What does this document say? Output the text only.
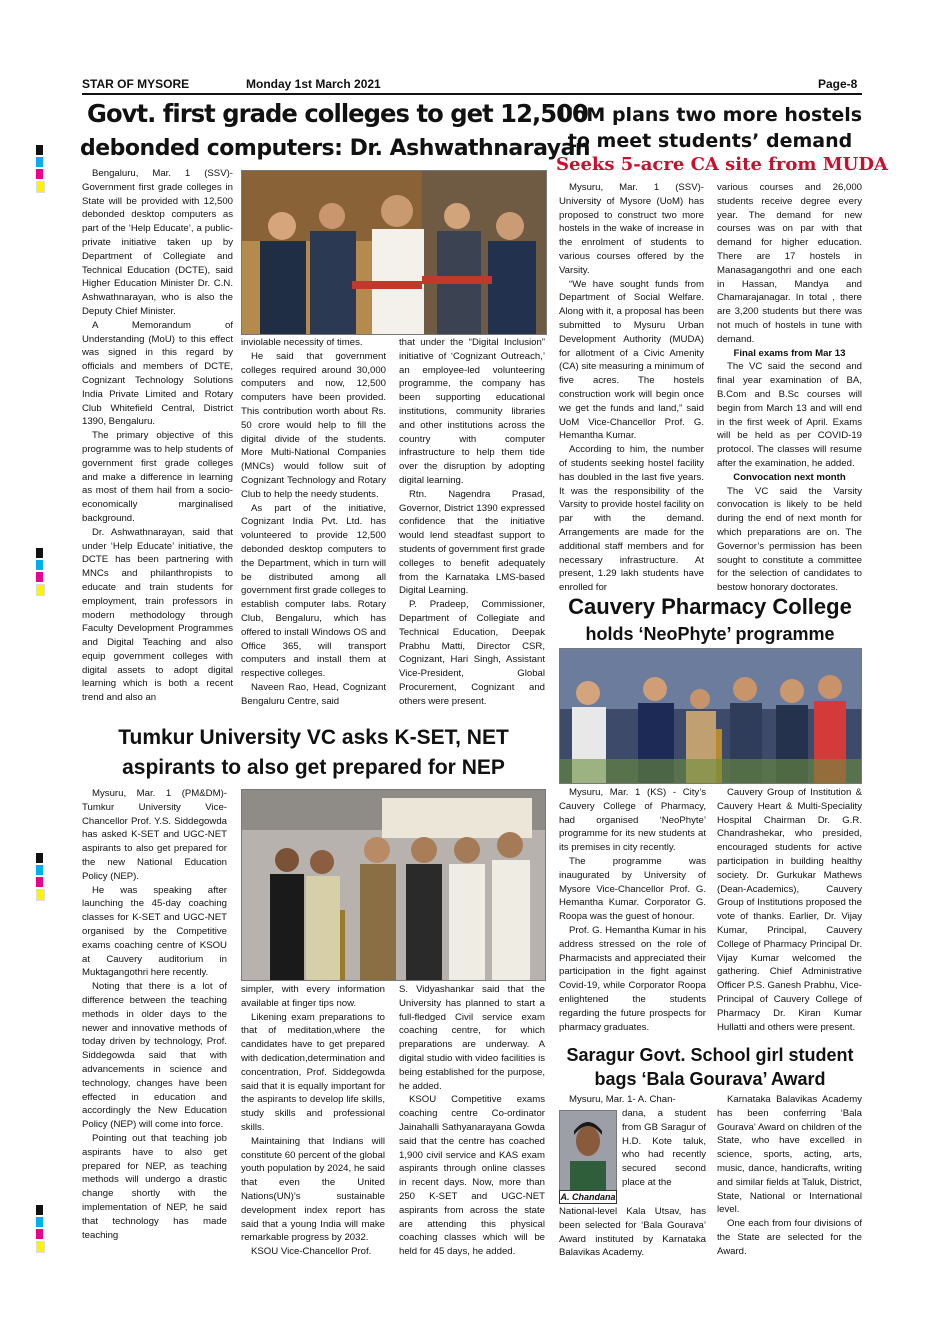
STAR OF MYSORE	Monday 1st March 2021	Page-8
Govt. first grade colleges to get 12,500
debonded computers: Dr. Ashwathnarayan

Bengaluru, Mar. 1 (SSV)- Government first grade colleges in State will be provided with 12,500 debonded desktop computers as part of the ‘Help Educate’, a public-private initiative taken up by Department of Collegiate and Technical Education (DCTE), said Higher Education Minister Dr. C.N. Ashwathnarayan, who is also the Deputy Chief Minister.

A Memorandum of Understanding (MoU) to this effect was signed in this regard by officials and members of DCTE, Cognizant Technology Solutions India Private Limited and Rotary Club Whitefield Central, District 1390, Bengaluru.

The primary objective of this programme was to help students of government first grade colleges and make a difference in learning as most of them hail from a socio-economically marginalised background.

Dr. Ashwathnarayan, said that under ‘Help Educate’ initiative, the DCTE has been partnering with MNCs and philanthropists to educate and train students for employment, train professors in modern methodology through Faculty Development Programmes and Digital Teaching and also equip government colleges with digital assets to adopt digital learning which is both a recent trend and also an

inviolable necessity of times.

He said that government colleges required around 30,000 computers and now, 12,500 computers have been provided. This contribution worth about Rs. 50 crore would help to fill the digital divide of the students. More Multi-National Companies (MNCs) would follow suit of Cognizant Technology and Rotary Club to help the needy students.

As part of the initiative, Cognizant India Pvt. Ltd. has volunteered to provide 12,500 debonded desktop computers to the Department, which in turn will be distributed among all government first grade colleges to establish computer labs. Rotary Club, Bengaluru, which has offered to install Windows OS and Office 365, will transport computers and install them at respective colleges.

Naveen Rao, Head, Cognizant Bengaluru Centre, said

that under the “Digital Inclusion” initiative of ‘Cognizant Outreach,’ an employee-led volunteering programme, the company has been supporting educational institutions, community libraries and other institutions across the country with computer infrastructure to help them tide over the disruption by adopting digital learning.

Rtn. Nagendra Prasad, Governor, District 1390 expressed confidence that the initiative would lend steadfast support to students of government first grade colleges to benefit adequately from the Karnataka LMS-based Digital Learning.

P. Pradeep, Commissioner, Department of Collegiate and Technical Education, Deepak Prabhu Matti, Director CSR, Cognizant, Hari Singh, Assistant Vice-President, Global Procurement, Cognizant and others were present.

UoM plans two more hostels
to meet students’ demand
Seeks 5-acre CA site from MUDA

Mysuru, Mar. 1 (SSV)- University of Mysore (UoM) has proposed to construct two more hostels in the wake of increase in the enrolment of students to various courses offered by the Varsity.

“We have sought funds from Department of Social Welfare. Along with it, a proposal has been submitted to Mysuru Urban Development Authority (MUDA) for allotment of a Civic Amenity (CA) site measuring a minimum of five acres. The hostels construction work will begin once we get the funds and land,” said UoM Vice-Chancellor Prof. G. Hemantha Kumar.

According to him, the number of students seeking hostel facility has doubled in the last five years. It was the responsibility of the Varsity to provide hostel facility on par with the demand. Arrangements are made for the additional staff members and for necessary infrastructure. At present, 1.29 lakh students have enrolled for

various courses and 26,000 students receive degree every year. The demand for new courses was on par with that demand for higher education. There are 17 hostels in Manasagangothri and one each in Hassan, Mandya and Chamarajanagar. In total , there are 3,200 students but there was not much of hostels in tune with demand.

Final exams from Mar 13

The VC said the second and final year examination of BA, B.Com and B.Sc courses will begin from March 13 and will end in the first week of April. Exams will be held as per COVID-19 protocol. The classes will resume after the examination, he added.

Convocation next month

The VC said the Varsity convocation is likely to be held during the end of next month for which preparations are on. The Governor’s permission has been sought to constitute a committee for the selection of candidates to bestow honorary doctorates.

Cauvery Pharmacy College
holds ‘NeoPhyte’ programme

Mysuru, Mar. 1 (KS) - City’s Cauvery College of Pharmacy, had organised ‘NeoPhyte’ programme for its new students at its premises in city recently.

The programme was inaugurated by University of Mysore Vice-Chancellor Prof. G. Hemantha Kumar. Corporator G. Roopa was the guest of honour.

Prof. G. Hemantha Kumar in his address stressed on the role of Pharmacists and appreciated their participation in the fight against Covid-19, while Corporator Roopa enlightened the students regarding the future prospects for pharmacy graduates.

Cauvery Group of Institution & Cauvery Heart & Multi-Speciality Hospital Chairman Dr. G.R. Chandrashekar, who presided, encouraged students for active participation in building healthy society. Dr. Gurkukar Mathews (Dean-Academics), Cauvery Group of Institutions proposed the vote of thanks. Earlier, Dr. Vijay Kumar, Principal, Cauvery College of Pharmacy Principal Dr. Vijay Kumar welcomed the gathering. Chief Administrative Officer P.S. Ganesh Prabhu, Vice-Principal of Cauvery College of Pharmacy Dr. Kiran Kumar Hullatti and others were present.

Tumkur University VC asks K-SET, NET
aspirants to also get prepared for NEP

Mysuru, Mar. 1 (PM&DM)- Tumkur University Vice-Chancellor Prof. Y.S. Siddegowda has asked K-SET and UGC-NET aspirants to also get prepared for the new National Education Policy (NEP).

He was speaking after launching the 45-day coaching classes for K-SET and UGC-NET organised by the Competitive exams coaching centre of KSOU at Cauvery auditorium in Muktagangothri here recently.

Noting that there is a lot of difference between the teaching methods in older days to the newer and innovative methods of today driven by technology, Prof. Siddegowda said that with advancements in science and technology, changes have been effected in education and accordingly the New Education Policy (NEP) will come into force.

Pointing out that teaching job aspirants have to also get prepared for NEP, as teaching methods will undergo a drastic change shortly with the implementation of NEP, he said that technology has made teaching

simpler, with every information available at finger tips now.

Likening exam preparations to that of meditation,where the candidates have to get prepared with dedication,determination and concentration, Prof. Siddegowda said that it is equally important for the aspirants to develop life skills, study skills and professional skills.

Maintaining that Indians will constitute 60 percent of the global youth population by 2024, he said that even the United Nations(UN)’s sustainable development index report has said that a young India will make remarkable progress by 2032.

KSOU Vice-Chancellor Prof.

S. Vidyashankar said that the University has planned to start a full-fledged Civil service exam coaching centre, for which preparations are underway. A digital studio with video facilities is being established for the purpose, he added.

KSOU Competitive exams coaching centre Co-ordinator Jainahalli Sathyanarayana Gowda said that the centre has coached 1,900 civil service and KAS exam aspirants through online classes in recent days. Now, more than 250 K-SET and UGC-NET aspirants from across the state are attending this physical coaching classes which will be held for 45 days, he added.

Saragur Govt. School girl student
bags ‘Bala Gourava’ Award

Mysuru, Mar. 1- A. Chan-

A. Chandana

dana, a student from GB Saragur of H.D. Kote taluk, who had recently secured second place at the

National-level Kala Utsav, has been selected for ‘Bala Gourava’ Award instituted by Karnataka Balavikas Academy.

Karnataka Balavikas Academy has been conferring ‘Bala Gourava’ Award on children of the State, who have excelled in science, sports, acting, arts, music, dance, handicrafts, writing and similar fields at Taluk, District, State, National or International level.

One each from four divisions of the State are selected for the Award.
